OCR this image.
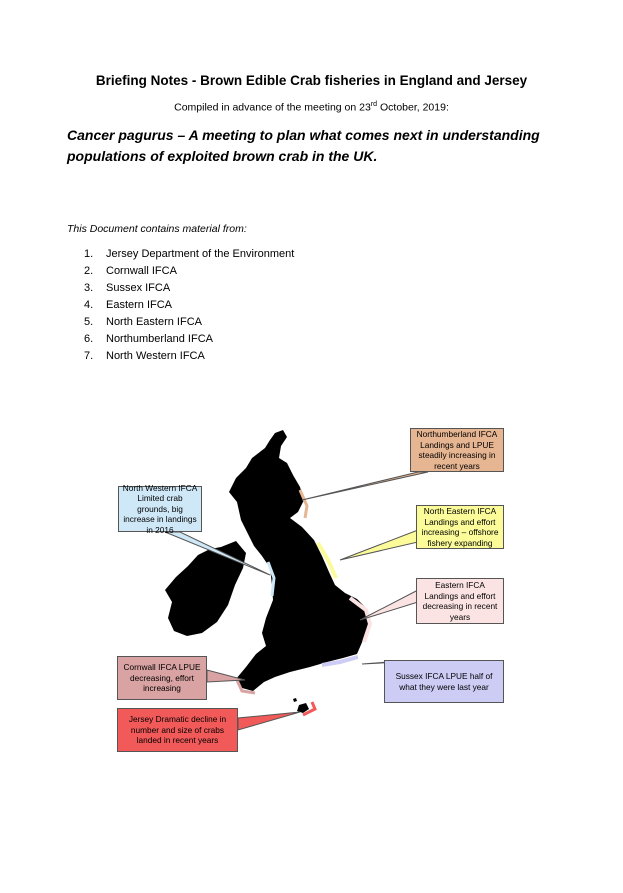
Briefing Notes - Brown Edible Crab fisheries in England and Jersey
Compiled in advance of the meeting on 23rd October, 2019:
Cancer pagurus – A meeting to plan what comes next in understanding populations of exploited brown crab in the UK.
This Document contains material from:
1. Jersey Department of the Environment
2. Cornwall IFCA
3. Sussex IFCA
4. Eastern IFCA
5. North Eastern IFCA
6. Northumberland IFCA
7. North Western IFCA
Northumberland IFCA Landings and LPUE steadily increasing in recent years
North Western IFCA Limited crab grounds, big increase in landings in 2016
North Eastern IFCA Landings and effort increasing – offshore fishery expanding
Eastern IFCA Landings and effort decreasing in recent years
Cornwall IFCA LPUE decreasing, effort increasing
Sussex IFCA LPUE half of what they were last year
Jersey Dramatic decline in number and size of crabs landed in recent years
